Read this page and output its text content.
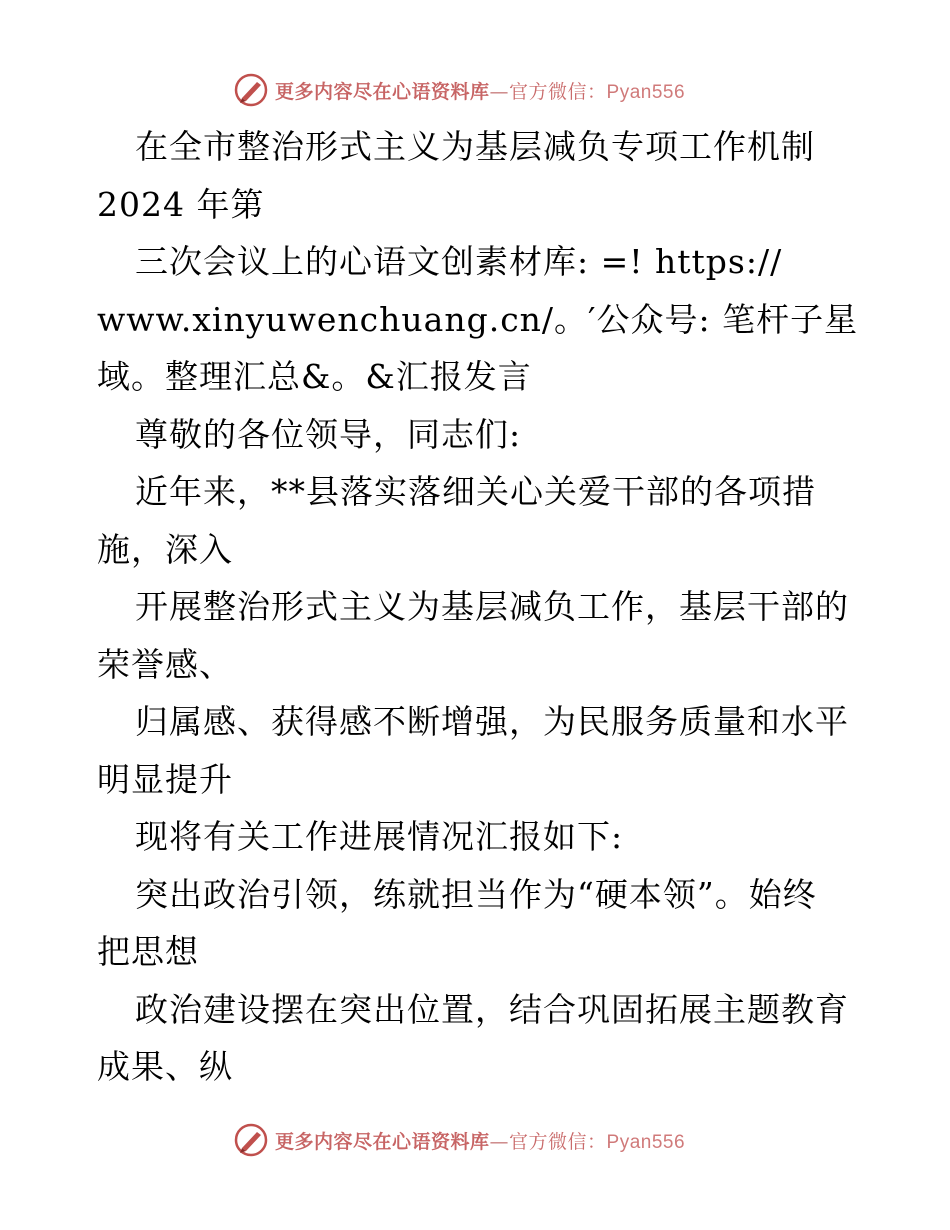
更多内容尽在心语资料库—官方微信：Pyan556
在全市整治形式主义为基层减负专项工作机制
2024 年第
三次会议上的心语文创素材库: =! https://
www.xinyuwenchuang.cn/。′公众号: 笔杆子星
域。整理汇总&。&汇报发言
尊敬的各位领导，同志们:
近年来，**县落实落细关心关爱干部的各项措
施，深入
开展整治形式主义为基层减负工作，基层干部的
荣誉感、
归属感、获得感不断增强，为民服务质量和水平
明显提升
现将有关工作进展情况汇报如下:
突出政治引领，练就担当作为“硬本领”。始终
把思想
政治建设摆在突出位置，结合巩固拓展主题教育
成果、纵
更多内容尽在心语资料库—官方微信：Pyan556
